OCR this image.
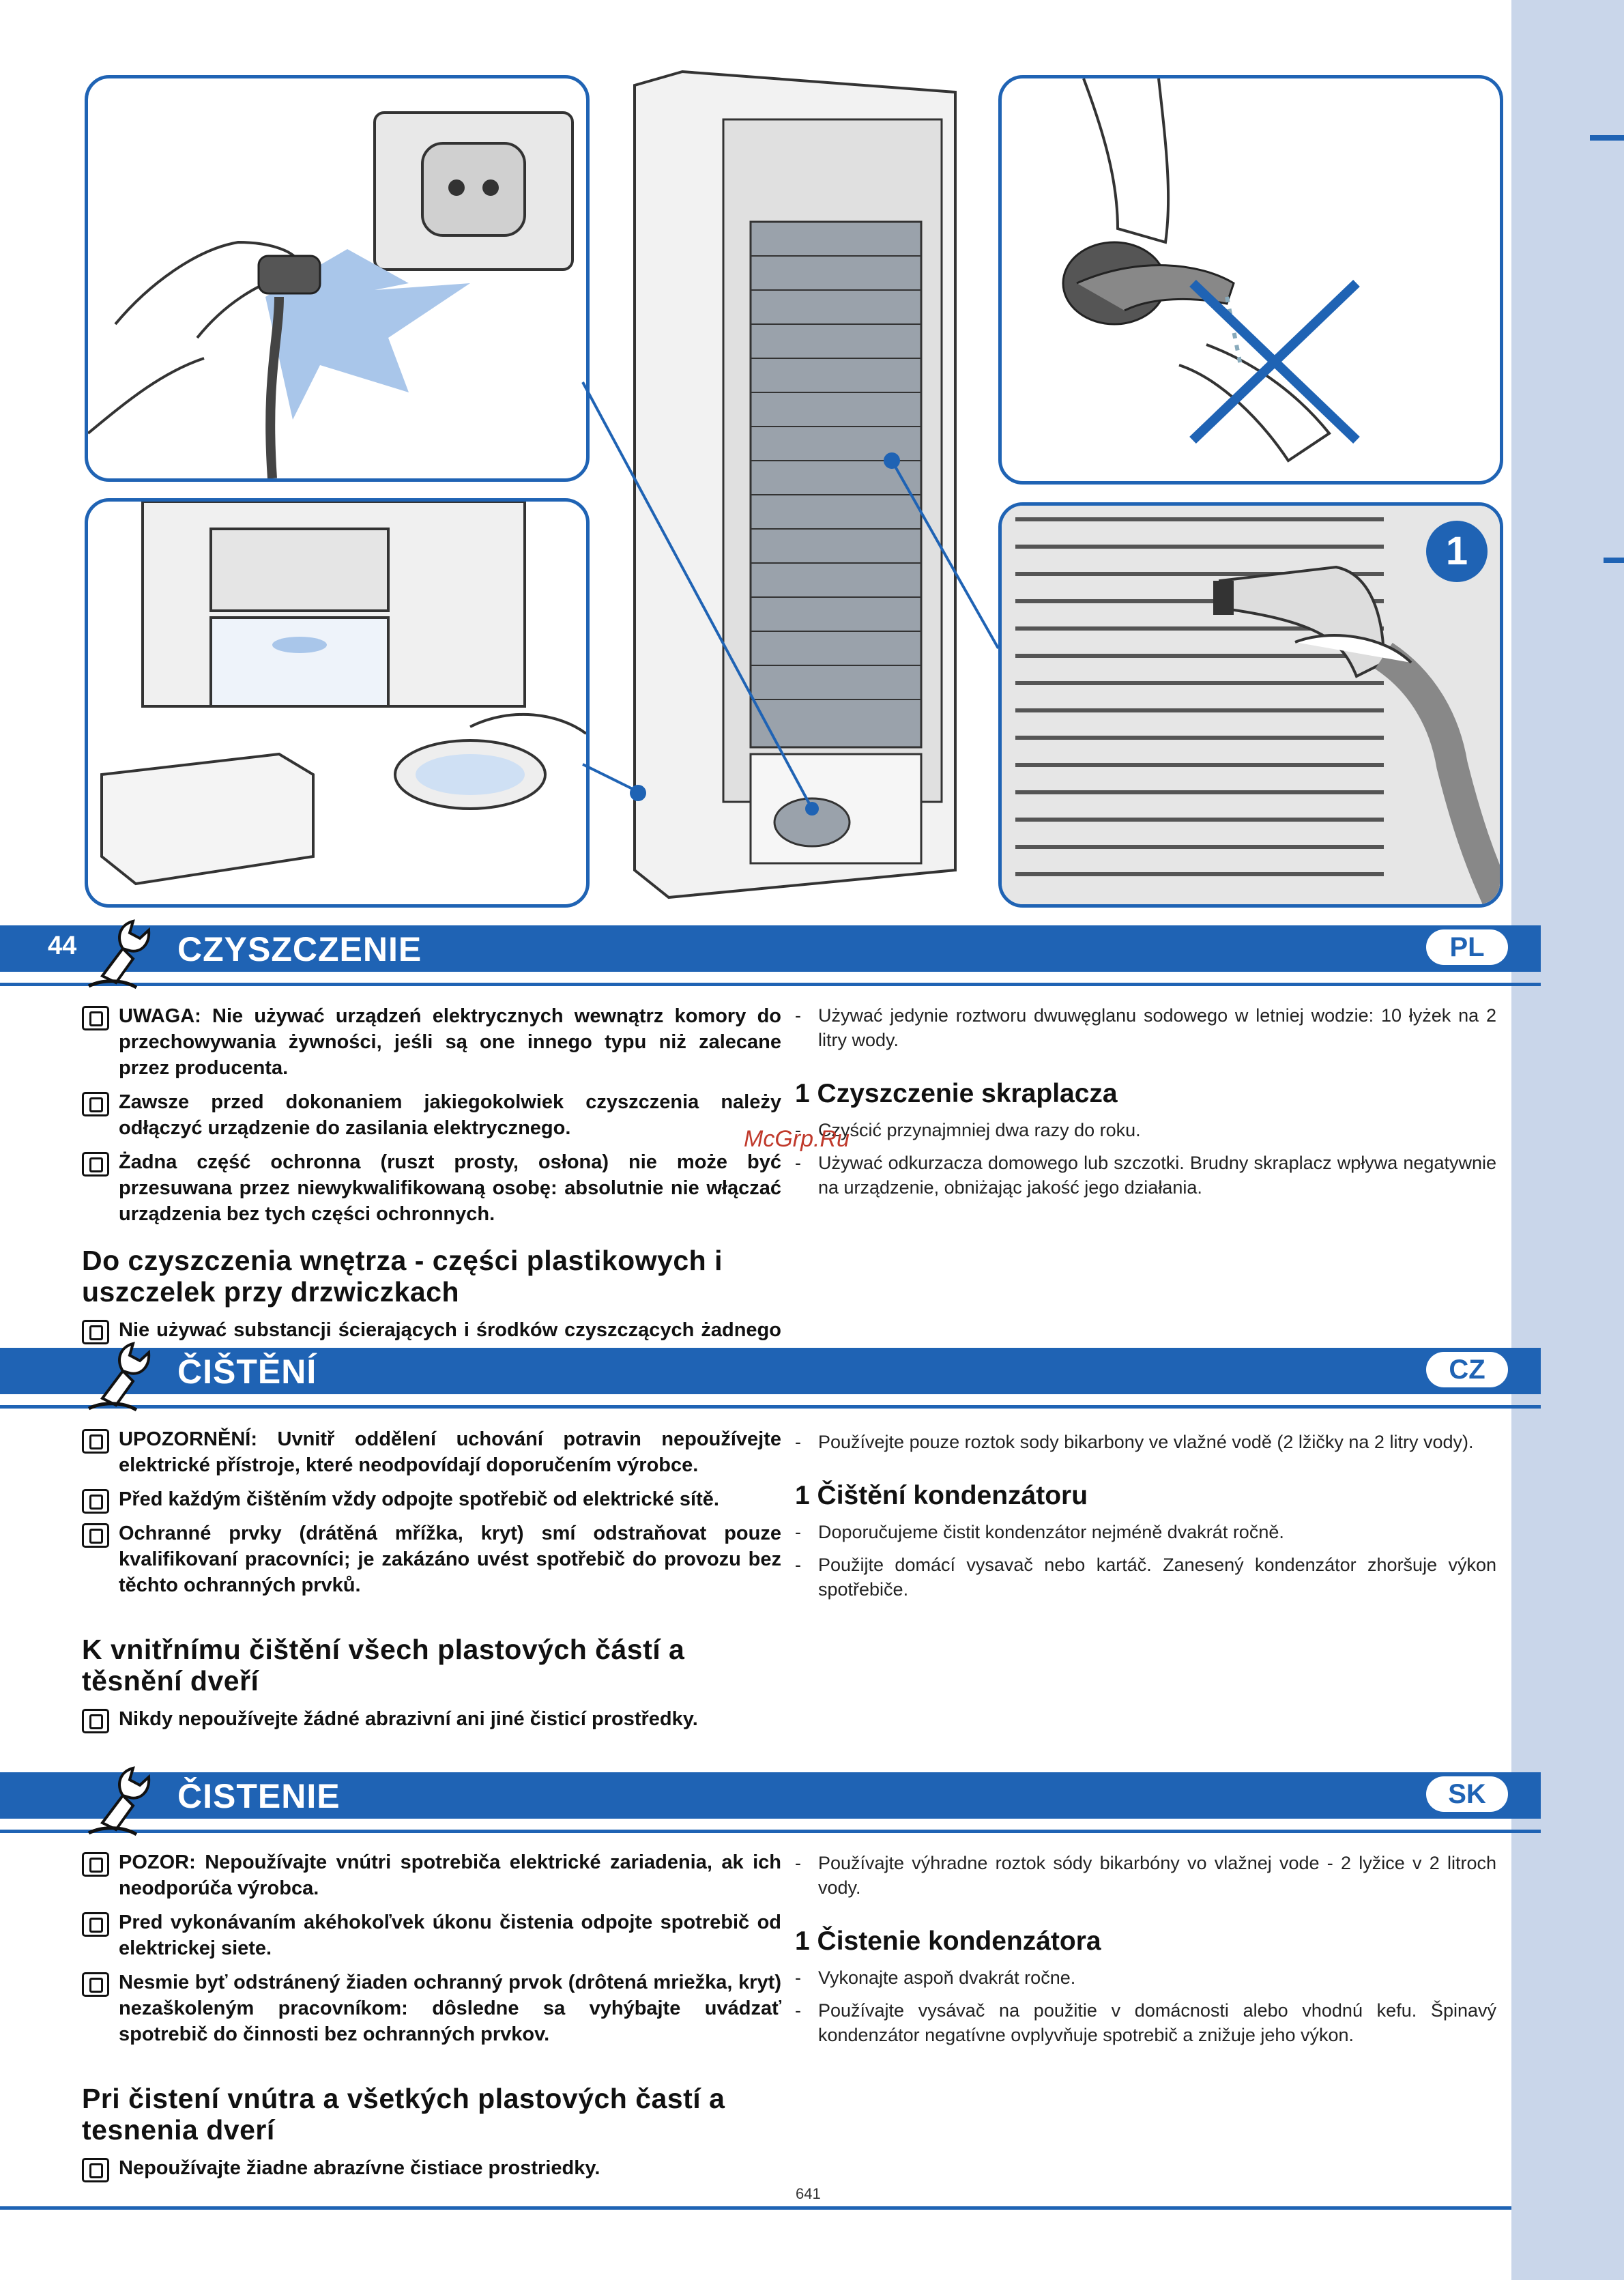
1
44	CZYSZCZENIE	PL

UWAGA: Nie używać urządzeń elektrycznych wewnątrz komory do przechowywania żywności, jeśli są one innego typu niż zalecane przez producenta.

Zawsze przed dokonaniem jakiegokolwiek czyszczenia należy odłączyć urządzenie do zasilania elektrycznego.

Żadna część ochronna (ruszt prosty, osłona) nie może być przesuwana przez niewykwalifikowaną osobę: absolutnie nie włączać urządzenia bez tych części ochronnych.

Do czyszczenia wnętrza - części plastikowych i uszczelek przy drzwiczkach

Nie używać substancji ścierających i środków czyszczących żadnego

- Używać jedynie roztworu dwuwęglanu sodowego w letniej wodzie: 10 łyżek na 2 litry wody.

1 Czyszczenie skraplacza

- Czyścić przynajmniej dwa razy do roku.

- Używać odkurzacza domowego lub szczotki. Brudny skraplacz wpływa negatywnie na urządzenie, obniżając jakość jego działania.

McGrp.Ru
ČIŠTĚNÍ	CZ

UPOZORNĚNÍ: Uvnitř oddělení uchování potravin nepoužívejte elektrické přístroje, které neodpovídají doporučením výrobce.

Před každým čištěním vždy odpojte spotřebič od elektrické sítě.

Ochranné prvky (drátěná mřížka, kryt) smí odstraňovat pouze kvalifikovaní pracovníci; je zakázáno uvést spotřebič do provozu bez těchto ochranných prvků.

K vnitřnímu čištění všech plastových částí a těsnění dveří

Nikdy nepoužívejte žádné abrazivní ani jiné čisticí prostředky.

- Používejte pouze roztok sody bikarbony ve vlažné vodě (2 lžičky na 2 litry vody).

1 Čištění kondenzátoru

- Doporučujeme čistit kondenzátor nejméně dvakrát ročně.

- Použijte domácí vysavač nebo kartáč. Zanesený kondenzátor zhoršuje výkon spotřebiče.

ČISTENIE	SK

POZOR: Nepoužívajte vnútri spotrebiča elektrické zariadenia, ak ich neodporúča výrobca.

Pred vykonávaním akéhokoľvek úkonu čistenia odpojte spotrebič od elektrickej siete.

Nesmie byť odstránený žiaden ochranný prvok (drôtená mriežka, kryt) nezaškoleným pracovníkom: dôsledne sa vyhýbajte uvádzať spotrebič do činnosti bez ochranných prvkov.

Pri čistení vnútra a všetkých plastových častí a tesnenia dverí

Nepoužívajte žiadne abrazívne čistiace prostriedky.

- Používajte výhradne roztok sódy bikarbóny vo vlažnej vode - 2 lyžice v 2 litroch vody.

1 Čistenie kondenzátora

- Vykonajte aspoň dvakrát ročne.

- Používajte vysávač na použitie v domácnosti alebo vhodnú kefu. Špinavý kondenzátor negatívne ovplyvňuje spotrebič a znižuje jeho výkon.

641
